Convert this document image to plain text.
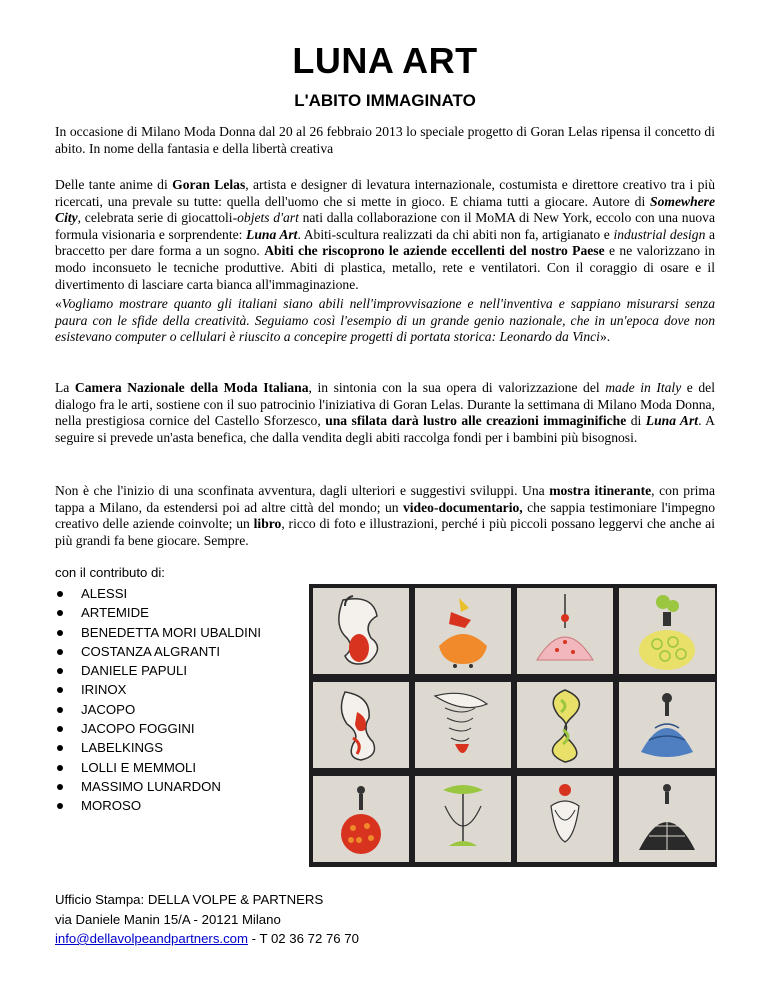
LUNA ART
L'ABITO IMMAGINATO

In occasione di Milano Moda Donna dal 20 al 26 febbraio 2013 lo speciale progetto di Goran Lelas ripensa il concetto di abito. In nome della fantasia e della libertà creativa

Delle tante anime di Goran Lelas, artista e designer di levatura internazionale, costumista e direttore creativo tra i più ricercati, una prevale su tutte: quella dell'uomo che si mette in gioco. E chiama tutti a giocare. Autore di Somewhere City, celebrata serie di giocattoli-objets d'art nati dalla collaborazione con il MoMA di New York, eccolo con una nuova formula visionaria e sorprendente: Luna Art. Abiti-scultura realizzati da chi abiti non fa, artigianato e industrial design a braccetto per dare forma a un sogno. Abiti che riscoprono le aziende eccellenti del nostro Paese e ne valorizzano in modo inconsueto le tecniche produttive. Abiti di plastica, metallo, rete e ventilatori. Con il coraggio di osare e il divertimento di lasciare carta bianca all'immaginazione.

«Vogliamo mostrare quanto gli italiani siano abili nell'improvvisazione e nell'inventiva e sappiano misurarsi senza paura con le sfide della creatività. Seguiamo così l'esempio di un grande genio nazionale, che in un'epoca dove non esistevano computer o cellulari è riuscito a concepire progetti di portata storica: Leonardo da Vinci».

La Camera Nazionale della Moda Italiana, in sintonia con la sua opera di valorizzazione del made in Italy e del dialogo fra le arti, sostiene con il suo patrocinio l'iniziativa di Goran Lelas. Durante la settimana di Milano Moda Donna, nella prestigiosa cornice del Castello Sforzesco, una sfilata darà lustro alle creazioni immaginifiche di Luna Art. A seguire si prevede un'asta benefica, che dalla vendita degli abiti raccolga fondi per i bambini più bisognosi.

Non è che l'inizio di una sconfinata avventura, dagli ulteriori e suggestivi sviluppi. Una mostra itinerante, con prima tappa a Milano, da estendersi poi ad altre città del mondo; un video-documentario, che sappia testimoniare l'impegno creativo delle aziende coinvolte; un libro, ricco di foto e illustrazioni, perché i più piccoli possano leggervi che anche ai più grandi fa bene giocare. Sempre.

con il contributo di:
ALESSI
ARTEMIDE
BENEDETTA MORI UBALDINI
COSTANZA ALGRANTI
DANIELE PAPULI
IRINOX
JACOPO
JACOPO FOGGINI
LABELKINGS
LOLLI E MEMMOLI
MASSIMO LUNARDON
MOROSO
Ufficio Stampa: DELLA VOLPE & PARTNERS
via Daniele Manin 15/A - 20121 Milano
info@dellavolpeandpartners.com - T 02 36 72 76 70
